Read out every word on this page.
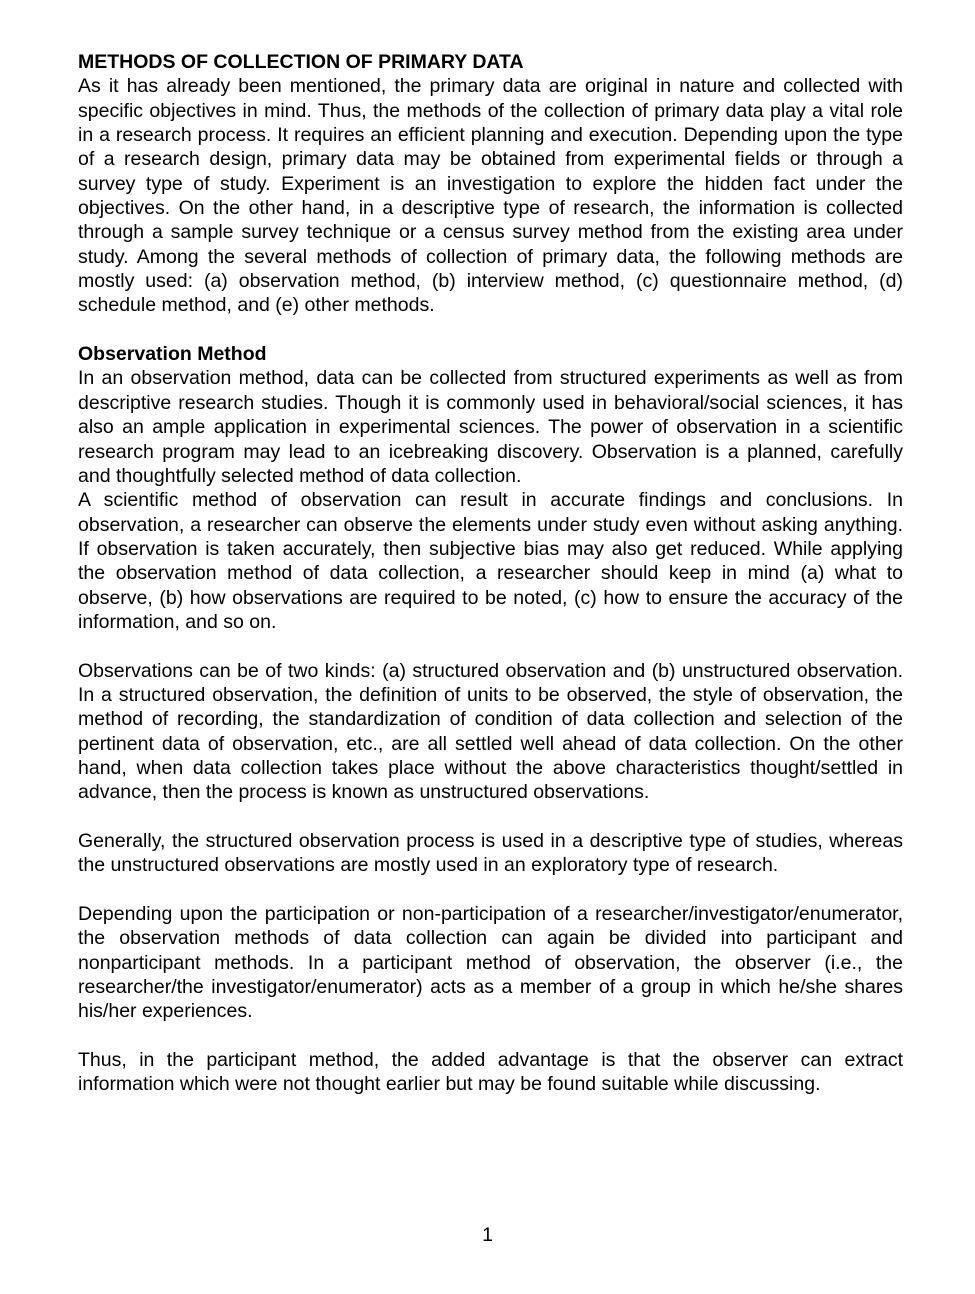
METHODS OF COLLECTION OF PRIMARY DATA

As it has already been mentioned, the primary data are original in nature and collected with specific objectives in mind. Thus, the methods of the collection of primary data play a vital role in a research process. It requires an efficient planning and execution. Depending upon the type of a research design, primary data may be obtained from experimental fields or through a survey type of study. Experiment is an investigation to explore the hidden fact under the objectives. On the other hand, in a descriptive type of research, the information is collected through a sample survey technique or a census survey method from the existing area under study. Among the several methods of collection of primary data, the following methods are mostly used: (a) observation method, (b) interview method, (c) questionnaire method, (d) schedule method, and (e) other methods.

Observation Method

In an observation method, data can be collected from structured experiments as well as from descriptive research studies. Though it is commonly used in behavioral/social sciences, it has also an ample application in experimental sciences. The power of observation in a scientific research program may lead to an icebreaking discovery. Observation is a planned, carefully and thoughtfully selected method of data collection.

A scientific method of observation can result in accurate findings and conclusions. In observation, a researcher can observe the elements under study even without asking anything. If observation is taken accurately, then subjective bias may also get reduced. While applying the observation method of data collection, a researcher should keep in mind (a) what to observe, (b) how observations are required to be noted, (c) how to ensure the accuracy of the information, and so on.

Observations can be of two kinds: (a) structured observation and (b) unstructured observation. In a structured observation, the definition of units to be observed, the style of observation, the method of recording, the standardization of condition of data collection and selection of the pertinent data of observation, etc., are all settled well ahead of data collection. On the other hand, when data collection takes place without the above characteristics thought/settled in advance, then the process is known as unstructured observations.

Generally, the structured observation process is used in a descriptive type of studies, whereas the unstructured observations are mostly used in an exploratory type of research.

Depending upon the participation or non-participation of a researcher/investigator/enumerator, the observation methods of data collection can again be divided into participant and nonparticipant methods. In a participant method of observation, the observer (i.e., the researcher/the investigator/enumerator) acts as a member of a group in which he/she shares his/her experiences.

Thus, in the participant method, the added advantage is that the observer can extract information which were not thought earlier but may be found suitable while discussing.

1
